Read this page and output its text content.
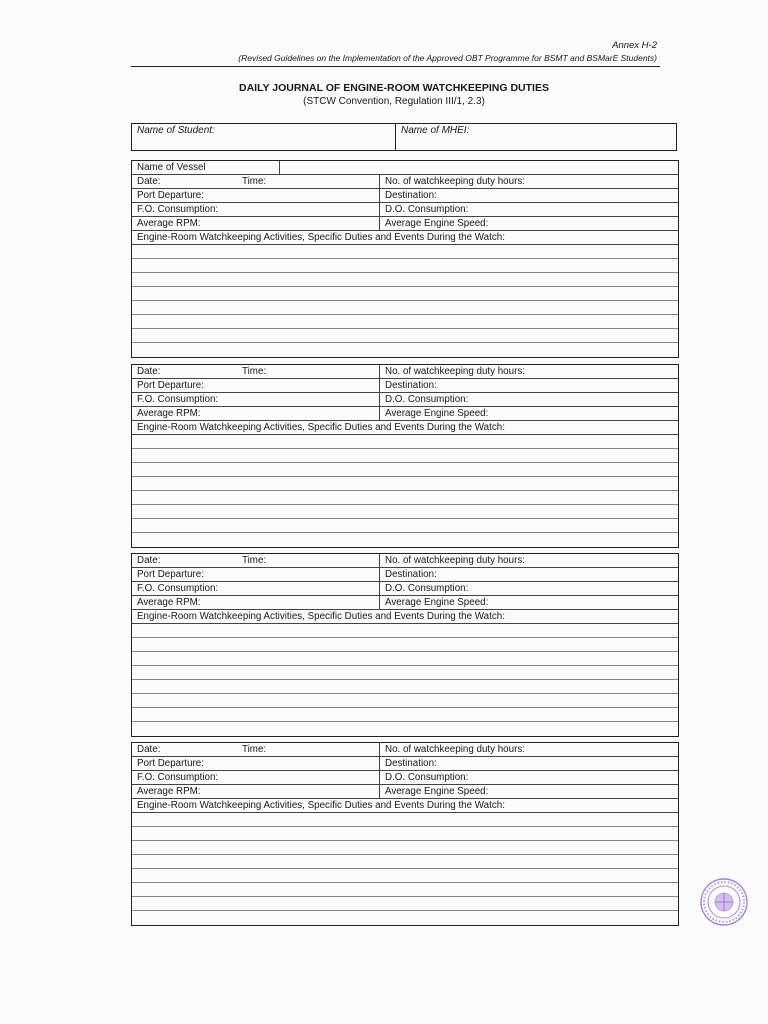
Annex H-2
(Revised Guidelines on the Implementation of the Approved OBT Programme for BSMT and BSMarE Students)
DAILY JOURNAL OF ENGINE-ROOM WATCHKEEPING DUTIES
(STCW Convention, Regulation III/1, 2.3)
Name of Student:	Name of MHEI:
Name of Vessel
Date:	Time:	No. of watchkeeping duty hours:
Port Departure:	Destination:
F.O. Consumption:	D.O. Consumption:
Average RPM:	Average Engine Speed:
Engine-Room Watchkeeping Activities, Specific Duties and Events During the Watch:
Date:	Time:	No. of watchkeeping duty hours:
Port Departure:	Destination:
F.O. Consumption:	D.O. Consumption:
Average RPM:	Average Engine Speed:
Engine-Room Watchkeeping Activities, Specific Duties and Events During the Watch:
Date:	Time:	No. of watchkeeping duty hours:
Port Departure:	Destination:
F.O. Consumption:	D.O. Consumption:
Average RPM:	Average Engine Speed:
Engine-Room Watchkeeping Activities, Specific Duties and Events During the Watch:
Date:	Time:	No. of watchkeeping duty hours:
Port Departure:	Destination:
F.O. Consumption:	D.O. Consumption:
Average RPM:	Average Engine Speed:
Engine-Room Watchkeeping Activities, Specific Duties and Events During the Watch:
